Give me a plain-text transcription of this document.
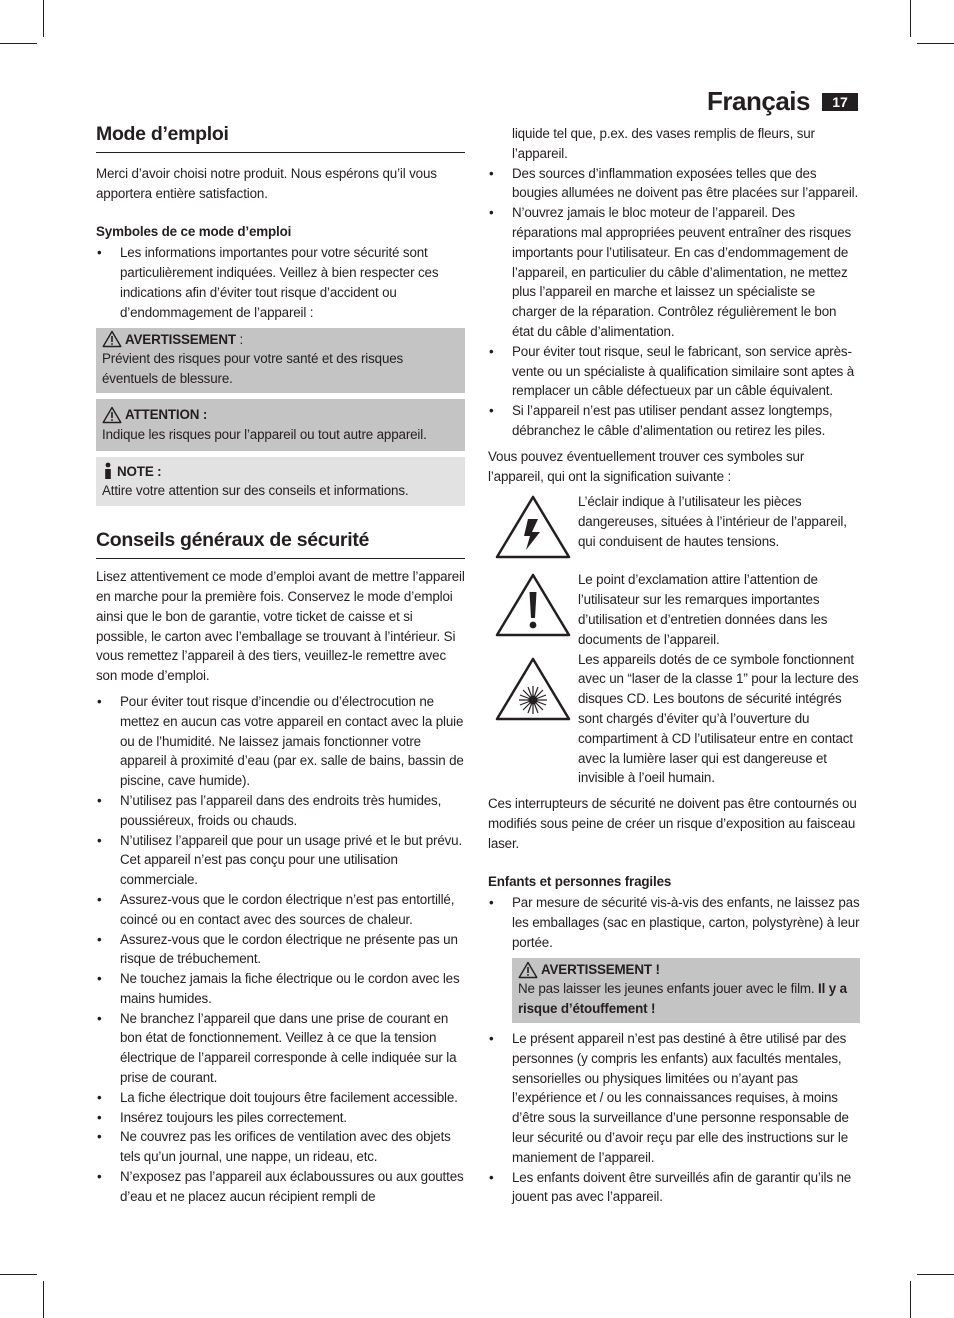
Français	17
Mode d’emploi

Merci d’avoir choisi notre produit. Nous espérons qu’il vous apportera entière satisfaction.

Symboles de ce mode d’emploi

• Les informations importantes pour votre sécurité sont particulièrement indiquées. Veillez à bien respecter ces indications afin d’éviter tout risque d’accident ou d’endommagement de l’appareil :
AVERTISSEMENT :

Prévient des risques pour votre santé et des risques éventuels de blessure.

ATTENTION :

Indique les risques pour l’appareil ou tout autre appareil.

NOTE :

Attire votre attention sur des conseils et informations.

Conseils généraux de sécurité

Lisez attentivement ce mode d’emploi avant de mettre l’appareil en marche pour la première fois. Conservez le mode d’emploi ainsi que le bon de garantie, votre ticket de caisse et si possible, le carton avec l’emballage se trouvant à l’intérieur. Si vous remettez l’appareil à des tiers, veuillez-le remettre avec son mode d’emploi.

• Pour éviter tout risque d’incendie ou d’électrocution ne mettez en aucun cas votre appareil en contact avec la pluie ou de l’humidité. Ne laissez jamais fonctionner votre appareil à proximité d’eau (par ex. salle de bains, bassin de piscine, cave humide).
• N’utilisez pas l’appareil dans des endroits très humides, poussiéreux, froids ou chauds.
• N’utilisez l’appareil que pour un usage privé et le but prévu. Cet appareil n’est pas conçu pour une utilisation commerciale.
• Assurez-vous que le cordon électrique n’est pas entortillé, coincé ou en contact avec des sources de chaleur.
• Assurez-vous que le cordon électrique ne présente pas un risque de trébuchement.
• Ne touchez jamais la fiche électrique ou le cordon avec les mains humides.
• Ne branchez l’appareil que dans une prise de courant en bon état de fonctionnement. Veillez à ce que la tension électrique de l’appareil corresponde à celle indiquée sur la prise de courant.
• La fiche électrique doit toujours être facilement accessible.
• Insérez toujours les piles correctement.
• Ne couvrez pas les orifices de ventilation avec des objets tels qu’un journal, une nappe, un rideau, etc.
• N’exposez pas l’appareil aux éclaboussures ou aux gouttes d’eau et ne placez aucun récipient rempli de

liquide tel que, p.ex. des vases remplis de fleurs, sur l’appareil.

• Des sources d’inflammation exposées telles que des bougies allumées ne doivent pas être placées sur l’appareil.
• N’ouvrez jamais le bloc moteur de l’appareil. Des réparations mal appropriées peuvent entraîner des risques importants pour l’utilisateur. En cas d’endommagement de l’appareil, en particulier du câble d’alimentation, ne mettez plus l’appareil en marche et laissez un spécialiste se charger de la réparation. Contrôlez régulièrement le bon état du câble d’alimentation.
• Pour éviter tout risque, seul le fabricant, son service après-vente ou un spécialiste à qualification similaire sont aptes à remplacer un câble défectueux par un câble équivalent.
• Si l’appareil n’est pas utiliser pendant assez longtemps, débranchez le câble d’alimentation ou retirez les piles.

Vous pouvez éventuellement trouver ces symboles sur l’appareil, qui ont la signification suivante :

L’éclair indique à l’utilisateur les pièces dangereuses, situées à l’intérieur de l’appareil, qui conduisent de hautes tensions.
Le point d’exclamation attire l’attention de l’utilisateur sur les remarques importantes d’utilisation et d’entretien données dans les documents de l’appareil.
Les appareils dotés de ce symbole fonctionnent avec un “laser de la classe 1” pour la lecture des disques CD. Les boutons de sécurité intégrés sont chargés d’éviter qu’à l’ouverture du compartiment à CD l’utilisateur entre en contact avec la lumière laser qui est dangereuse et invisible à l’oeil humain.

Ces interrupteurs de sécurité ne doivent pas être contournés ou modifiés sous peine de créer un risque d’exposition au faisceau laser.

Enfants et personnes fragiles

• Par mesure de sécurité vis-à-vis des enfants, ne laissez pas les emballages (sac en plastique, carton, polystyrène) à leur portée.
AVERTISSEMENT !

Ne pas laisser les jeunes enfants jouer avec le film. Il y a risque d’étouffement !

• Le présent appareil n’est pas destiné à être utilisé par des personnes (y compris les enfants) aux facultés mentales, sensorielles ou physiques limitées ou n’ayant pas l’expérience et / ou les connaissances requises, à moins d’être sous la surveillance d’une personne responsable de leur sécurité ou d’avoir reçu par elle des instructions sur le maniement de l’appareil.
• Les enfants doivent être surveillés afin de garantir qu’ils ne jouent pas avec l’appareil.
